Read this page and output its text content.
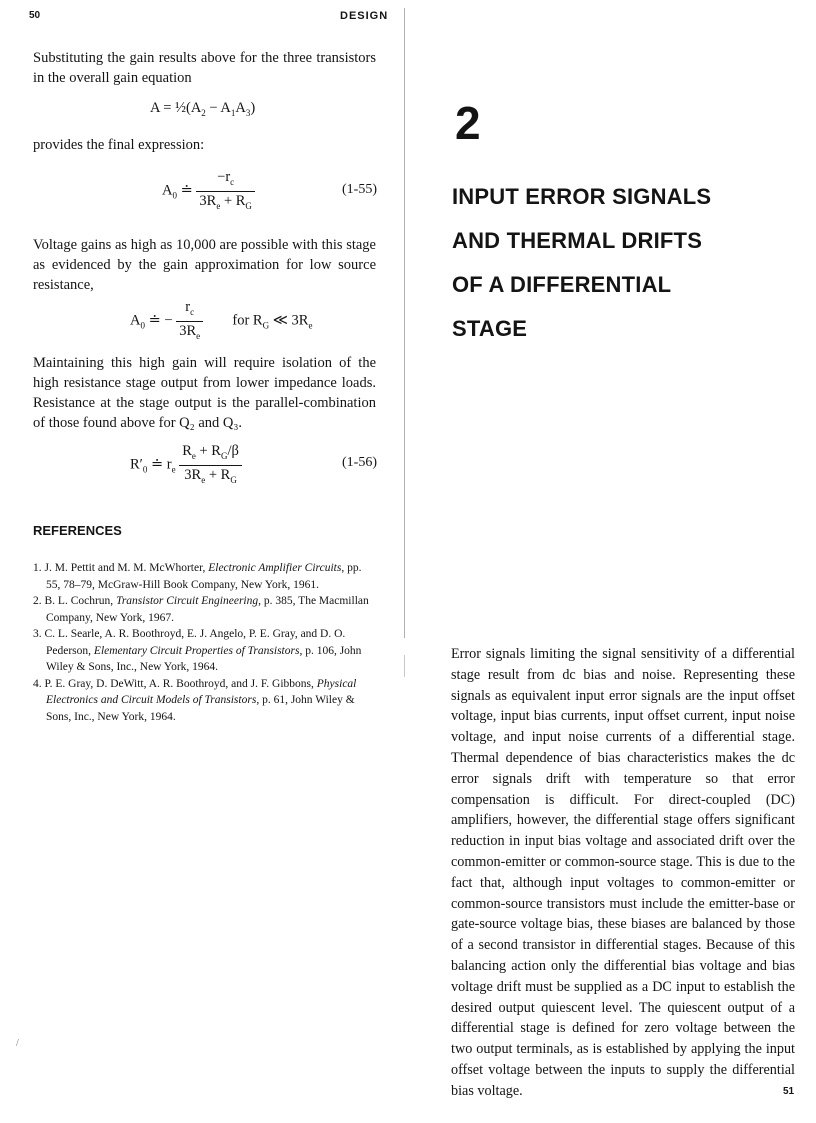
50	DESIGN
Substituting the gain results above for the three transistors in the overall gain equation
$A = \frac{1}{2}(A_2 - A_1A_3)$
provides the final expression:
$A_0$ ≐ $\frac{-r_c}{3R_e + R_G}$	(1-55)
Voltage gains as high as 10,000 are possible with this stage as evidenced by the gain approximation for low source resistance,
$A_0$ ≐ − $\frac{r_c}{3R_e}$ for $R_G$ ≪ $3R_e$
Maintaining this high gain will require isolation of the high resistance stage output from lower impedance loads. Resistance at the stage output is the parallel-combination of those found above for Q₂ and Q₃.
$R'_0$ ≐ $r_e \frac{R_e + R_G/\beta}{3R_e + R_G}$	(1-56)
REFERENCES
1. J. M. Pettit and M. M. McWhorter, Electronic Amplifier Circuits, pp. 55, 78–79, McGraw-Hill Book Company, New York, 1961.
2. B. L. Cochrun, Transistor Circuit Engineering, p. 385, The Macmillan Company, New York, 1967.
3. C. L. Searle, A. R. Boothroyd, E. J. Angelo, P. E. Gray, and D. O. Pederson, Elementary Circuit Properties of Transistors, p. 106, John Wiley & Sons, Inc., New York, 1964.
4. P. E. Gray, D. DeWitt, A. R. Boothroyd, and J. F. Gibbons, Physical Electronics and Circuit Models of Transistors, p. 61, John Wiley & Sons, Inc., New York, 1964.
/
2
INPUT ERROR SIGNALS
AND THERMAL DRIFTS
OF A DIFFERENTIAL
STAGE
Error signals limiting the signal sensitivity of a differential stage result from dc bias and noise. Representing these signals as equivalent input error signals are the input offset voltage, input bias currents, input offset current, input noise voltage, and input noise currents of a differential stage. Thermal dependence of bias characteristics makes the dc error signals drift with temperature so that error compensation is difficult. For direct-coupled (DC) amplifiers, however, the differential stage offers significant reduction in input bias voltage and associated drift over the common-emitter or common-source stage. This is due to the fact that, although input voltages to common-emitter or common-source transistors must include the emitter-base or gate-source voltage bias, these biases are balanced by those of a second transistor in differential stages. Because of this balancing action only the differential bias voltage and bias voltage drift must be supplied as a DC input to establish the desired output quiescent level. The quiescent output of a differential stage is defined for zero voltage between the two output terminals, as is established by applying the input offset voltage between the inputs to supply the differential bias voltage.	51
